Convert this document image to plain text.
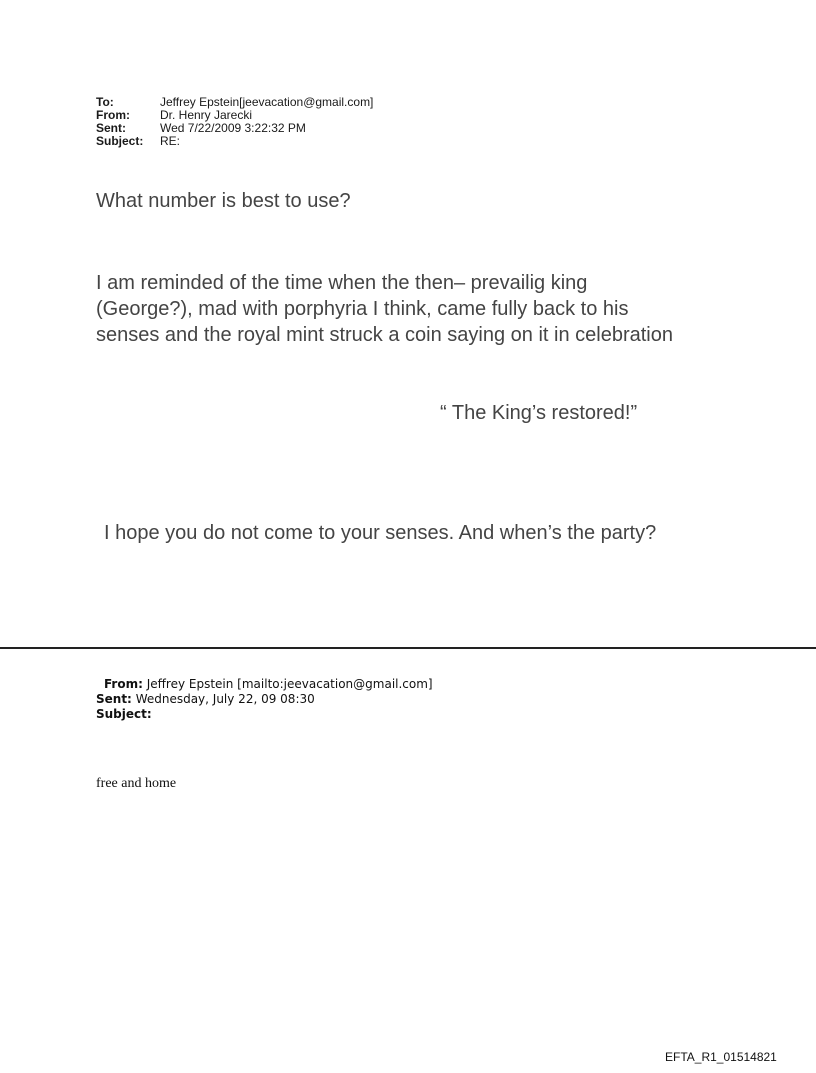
To:	Jeffrey Epstein[jeevacation@gmail.com]
From:	Dr. Henry Jarecki
Sent:	Wed 7/22/2009 3:22:32 PM
Subject:	RE:
What number is best to use?
I am reminded of the time when the then– prevailig king
(George?), mad with porphyria I think, came fully back to his
senses and the royal mint struck a coin saying on it in celebration
“ The King’s restored!”
I hope you do not come to your senses. And when’s the party?
From: Jeffrey Epstein [mailto:jeevacation@gmail.com]
Sent: Wednesday, July 22, 09 08:30
Subject:
free and home
EFTA_R1_01514821
